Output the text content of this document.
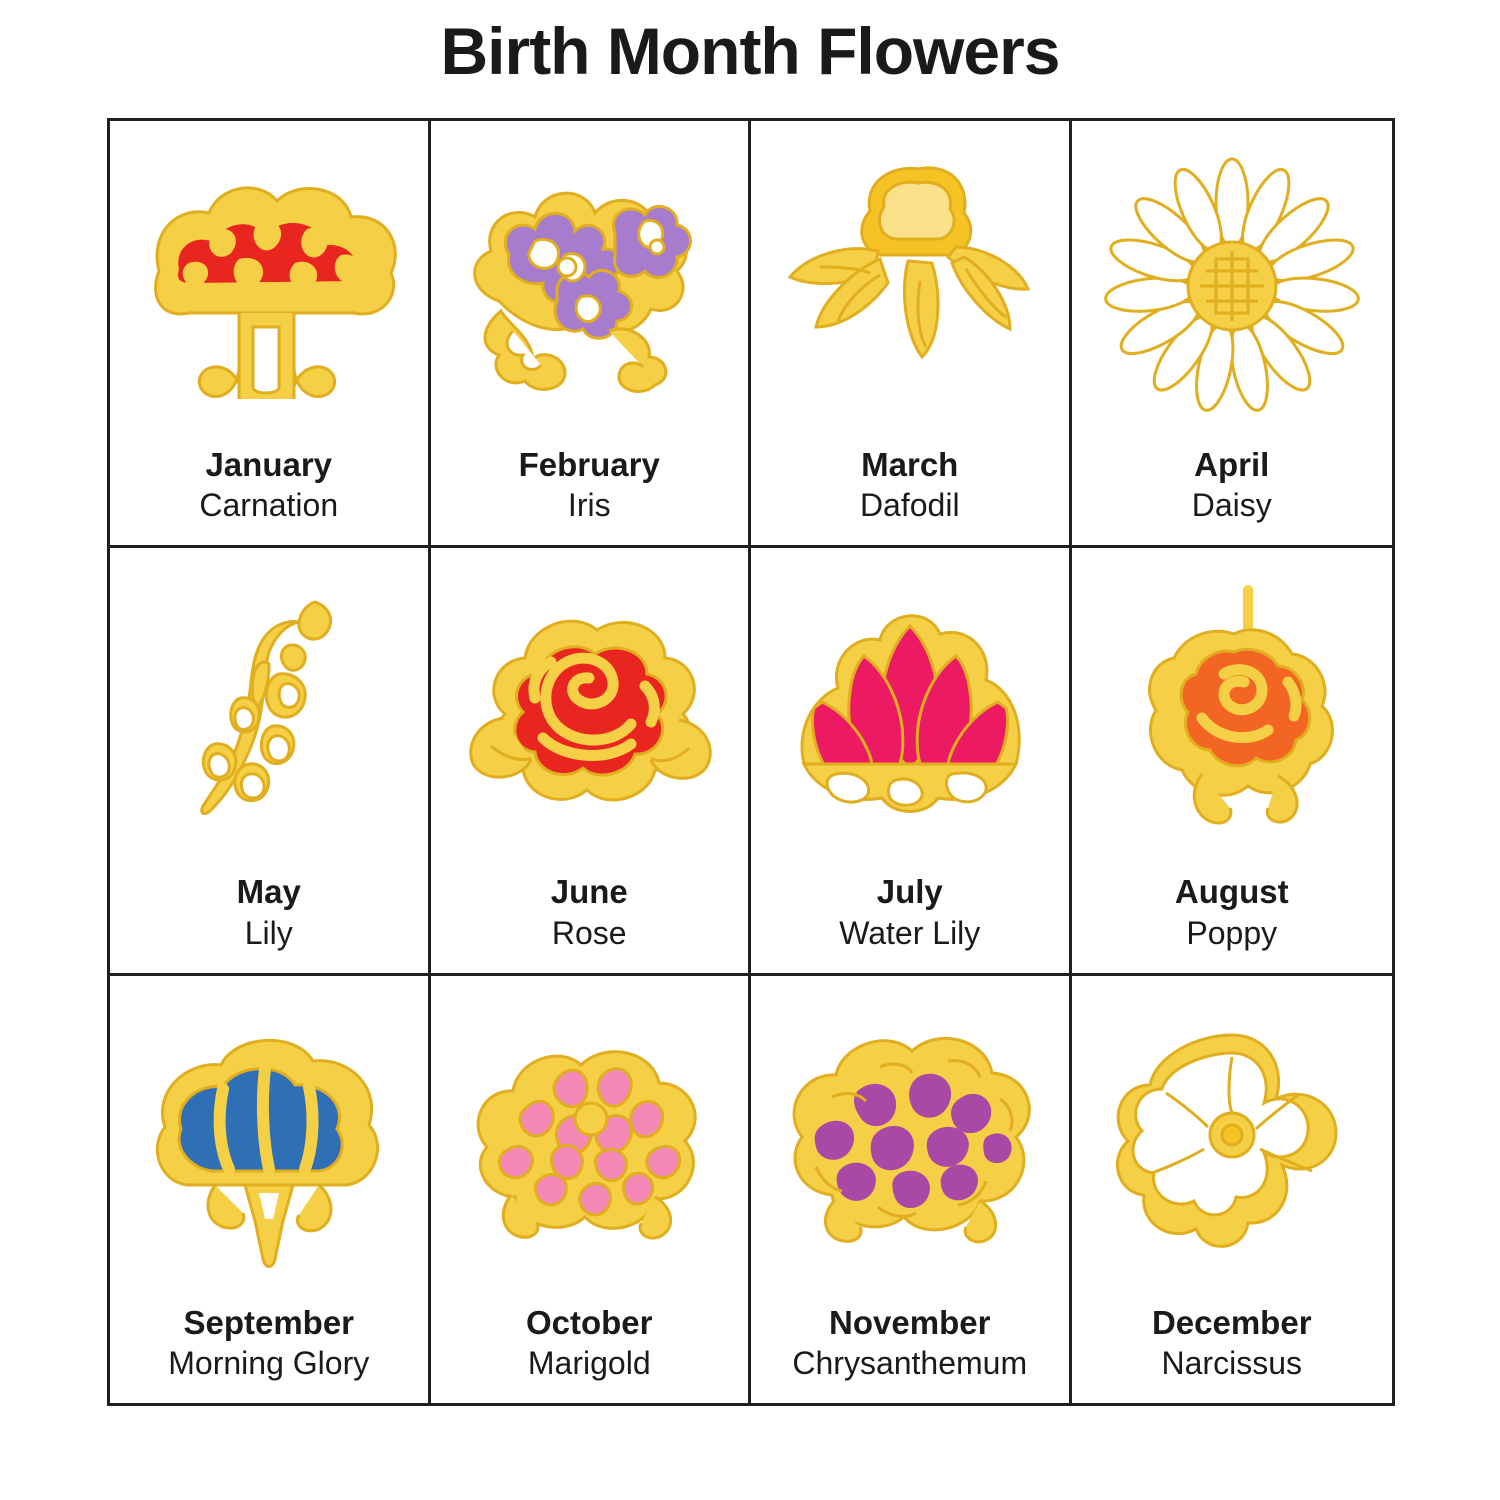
Birth Month Flowers
January
Carnation
February
Iris
March
Dafodil
April
Daisy
May
Lily
June
Rose
July
Water Lily
August
Poppy
September
Morning Glory
October
Marigold
November
Chrysanthemum
December
Narcissus
